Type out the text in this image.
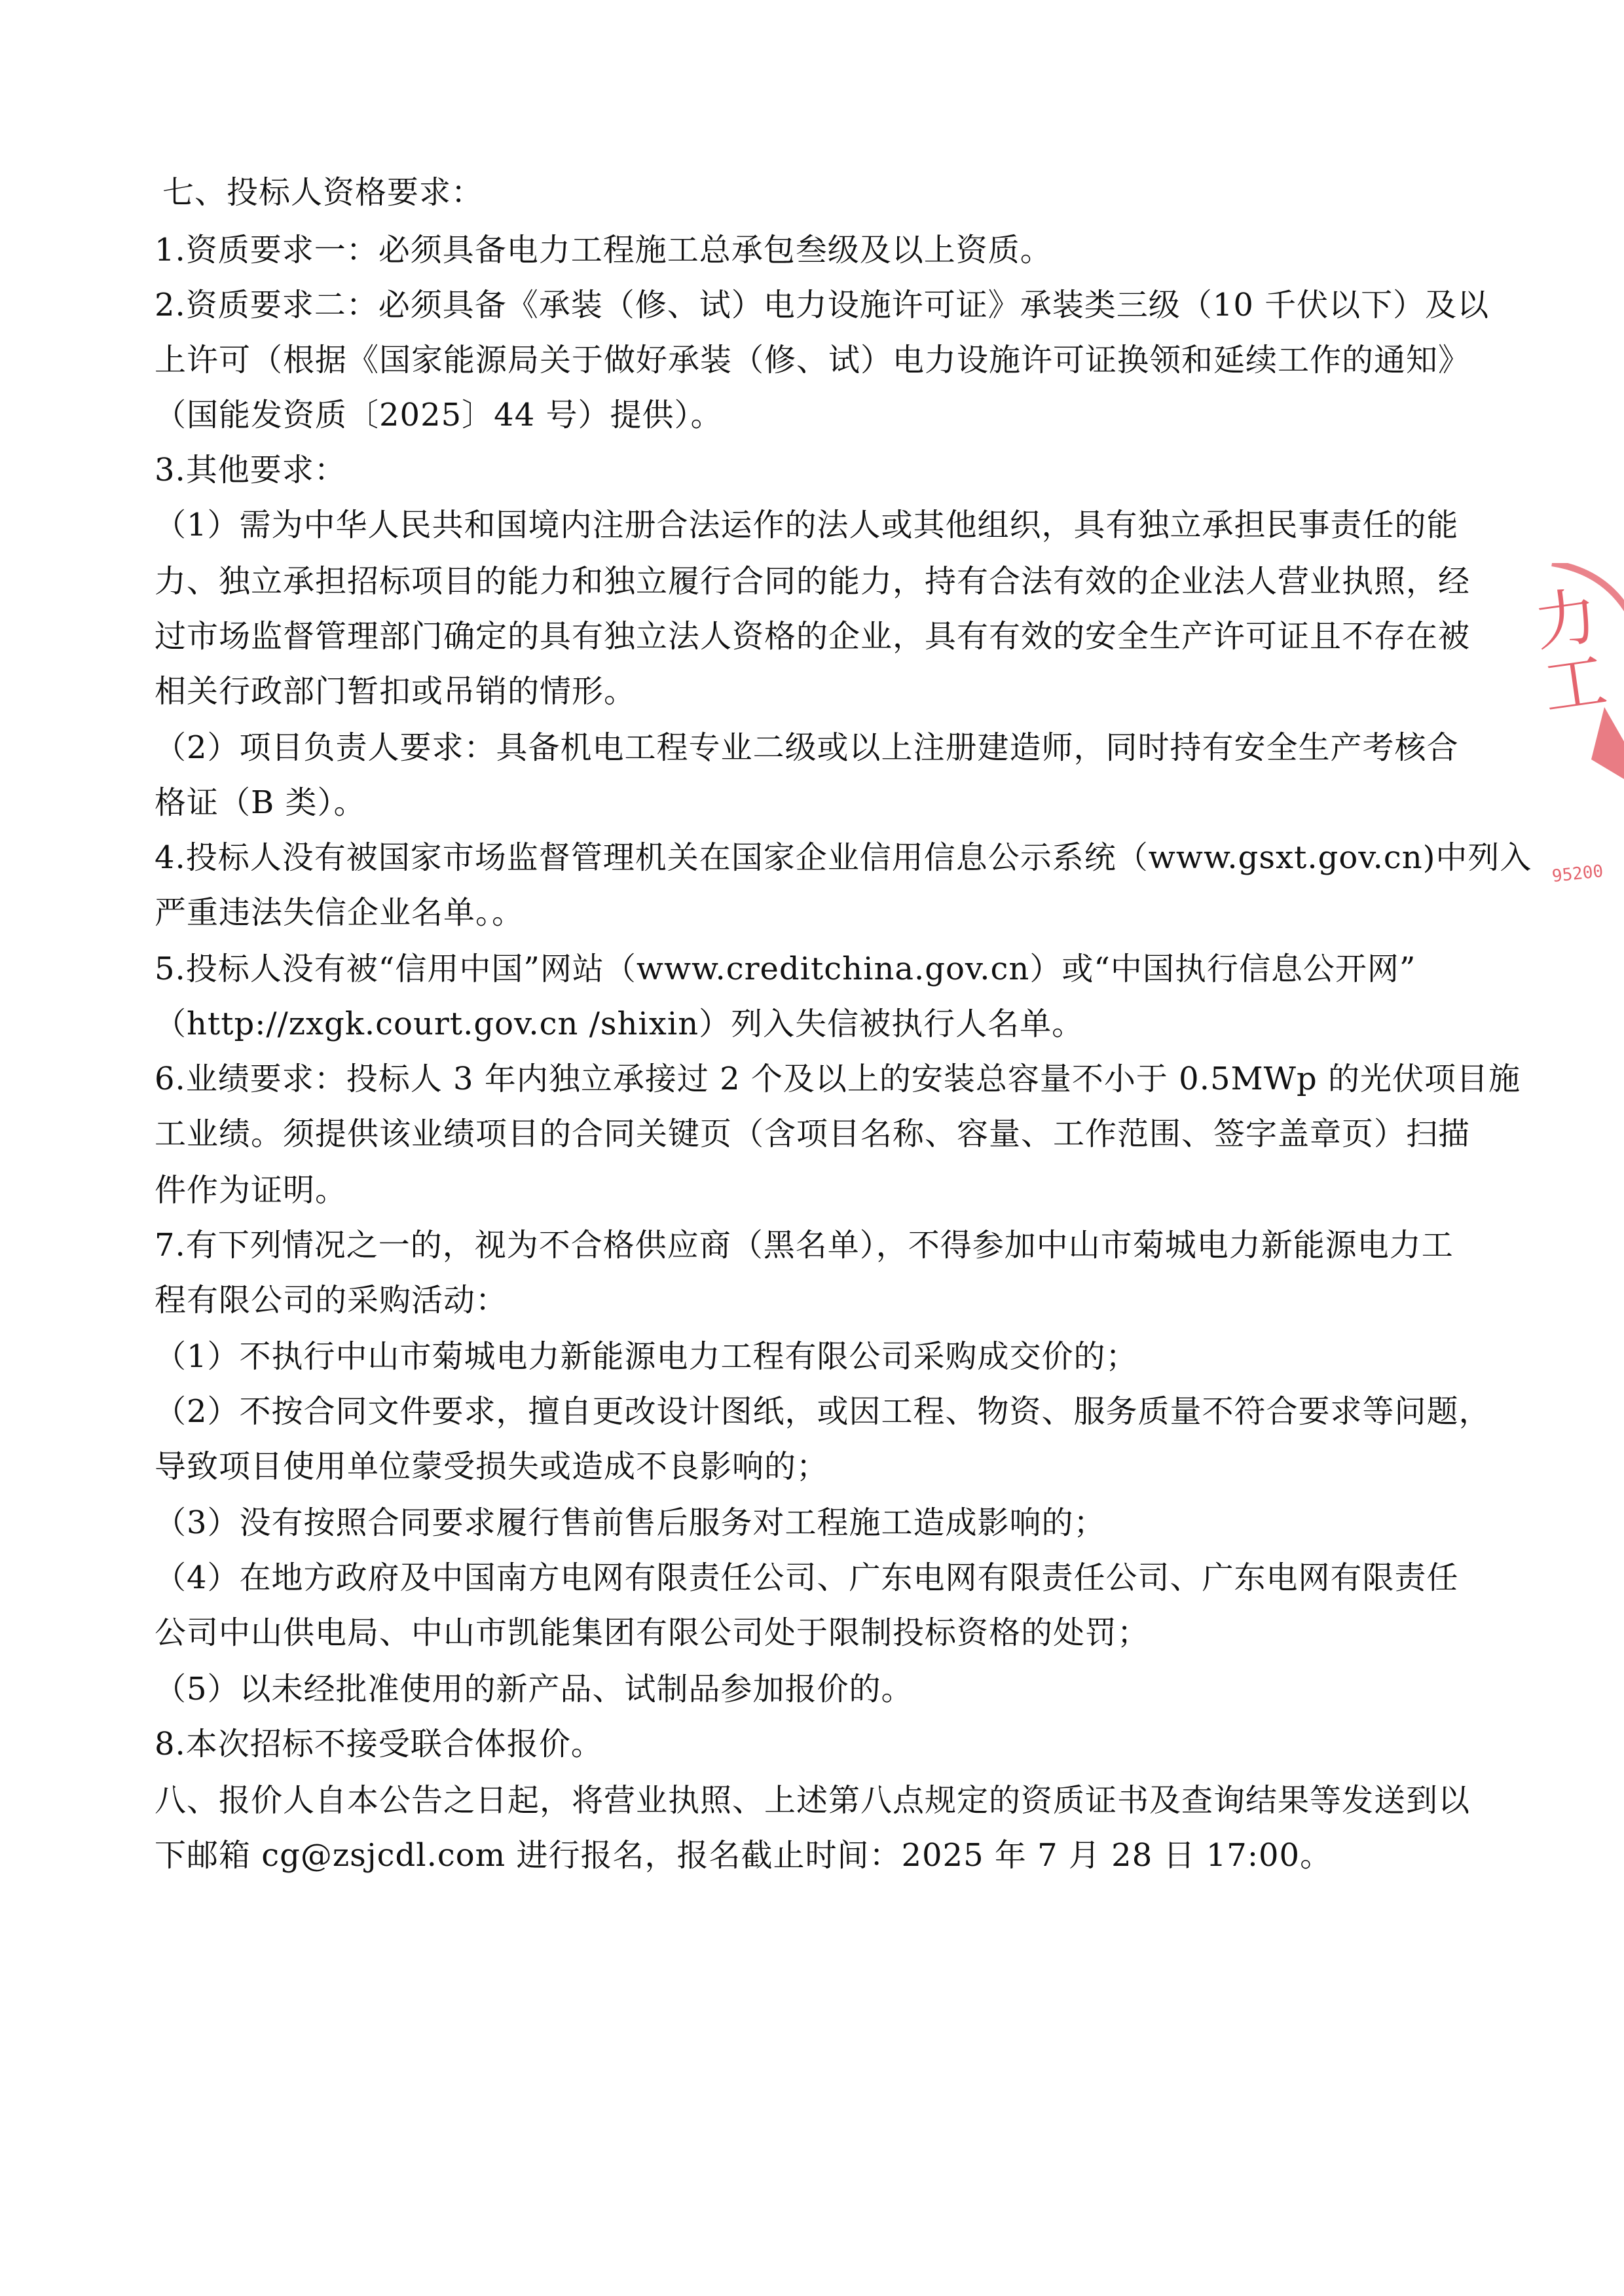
七、投标人资格要求：
1.资质要求一：必须具备电力工程施工总承包叁级及以上资质。
2.资质要求二：必须具备《承装（修、试）电力设施许可证》承装类三级（10 千伏以下）及以
上许可（根据《国家能源局关于做好承装（修、试）电力设施许可证换领和延续工作的通知》
（国能发资质〔2025〕44 号）提供）。
3.其他要求：
（1）需为中华人民共和国境内注册合法运作的法人或其他组织，具有独立承担民事责任的能
力、独立承担招标项目的能力和独立履行合同的能力，持有合法有效的企业法人营业执照，经
过市场监督管理部门确定的具有独立法人资格的企业，具有有效的安全生产许可证且不存在被
相关行政部门暂扣或吊销的情形。
（2）项目负责人要求：具备机电工程专业二级或以上注册建造师，同时持有安全生产考核合
格证（B 类）。
4.投标人没有被国家市场监督管理机关在国家企业信用信息公示系统（www.gsxt.gov.cn)中列入
严重违法失信企业名单。。
5.投标人没有被“信用中国”网站（www.creditchina.gov.cn）或“中国执行信息公开网”
（http://zxgk.court.gov.cn /shixin）列入失信被执行人名单。
6.业绩要求：投标人 3 年内独立承接过 2 个及以上的安装总容量不小于 0.5MWp 的光伏项目施
工业绩。须提供该业绩项目的合同关键页（含项目名称、容量、工作范围、签字盖章页）扫描
件作为证明。
7.有下列情况之一的，视为不合格供应商（黑名单），不得参加中山市菊城电力新能源电力工
程有限公司的采购活动：
（1）不执行中山市菊城电力新能源电力工程有限公司采购成交价的；
（2）不按合同文件要求，擅自更改设计图纸，或因工程、物资、服务质量不符合要求等问题，
导致项目使用单位蒙受损失或造成不良影响的；
（3）没有按照合同要求履行售前售后服务对工程施工造成影响的；
（4）在地方政府及中国南方电网有限责任公司、广东电网有限责任公司、广东电网有限责任
公司中山供电局、中山市凯能集团有限公司处于限制投标资格的处罚；
（5）以未经批准使用的新产品、试制品参加报价的。
8.本次招标不接受联合体报价。
八、报价人自本公告之日起，将营业执照、上述第八点规定的资质证书及查询结果等发送到以
下邮箱 cg@zsjcdl.com 进行报名，报名截止时间：2025 年 7 月 28 日 17:00。
力工
95200
